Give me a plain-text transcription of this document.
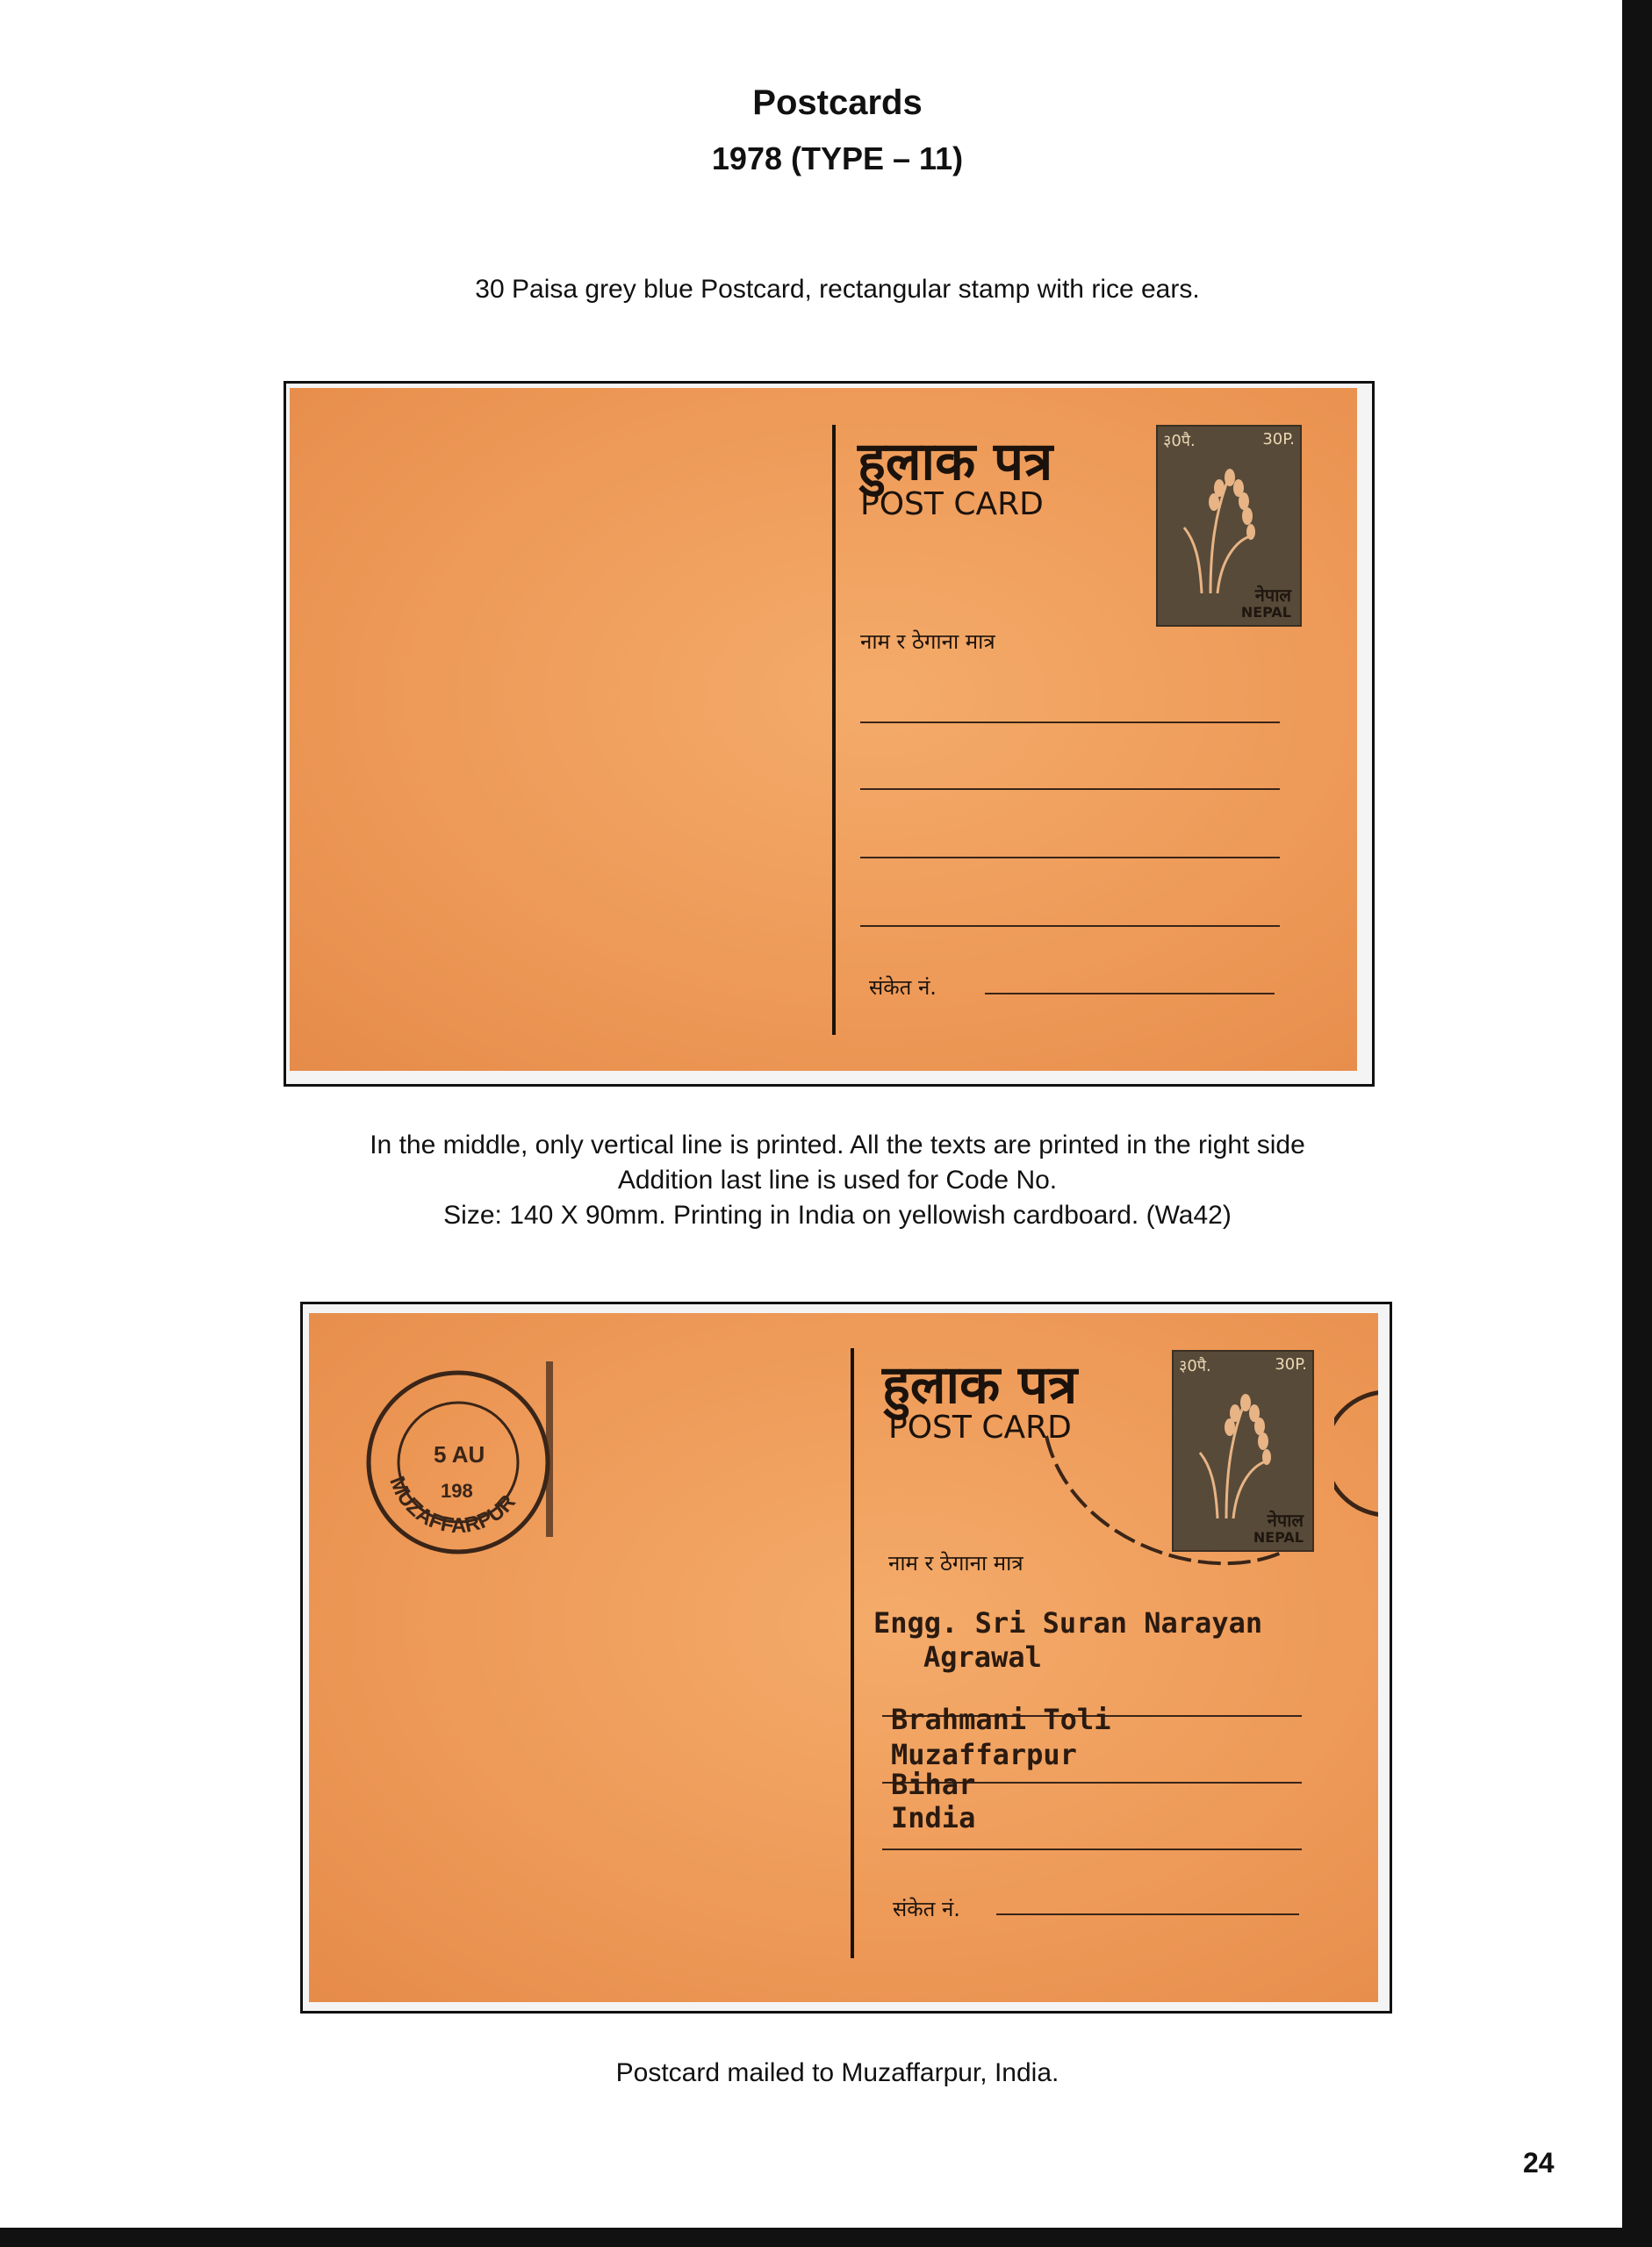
Postcards
1978 (TYPE – 11)
30 Paisa grey blue Postcard, rectangular stamp with rice ears.
हुलाक पत्र
POST CARD
नाम र ठेगाना मात्र
संकेत नं.
३0पै.	30P.
नेपाल
NEPAL
In the middle, only vertical line is printed. All the texts are printed in the right side
Addition last line is used for Code No.
Size: 140 X 90mm. Printing in India on yellowish cardboard. (Wa42)
MUZAFFARPUR
5 AU
198
हुलाक पत्र
POST CARD
नाम र ठेगाना मात्र
Engg. Sri Suran Narayan
Agrawal
Brahmani Toli
Muzaffarpur
Bihar
India
संकेत नं.
३0पै.	30P.
नेपाल
NEPAL
Postcard mailed to Muzaffarpur, India.
24
